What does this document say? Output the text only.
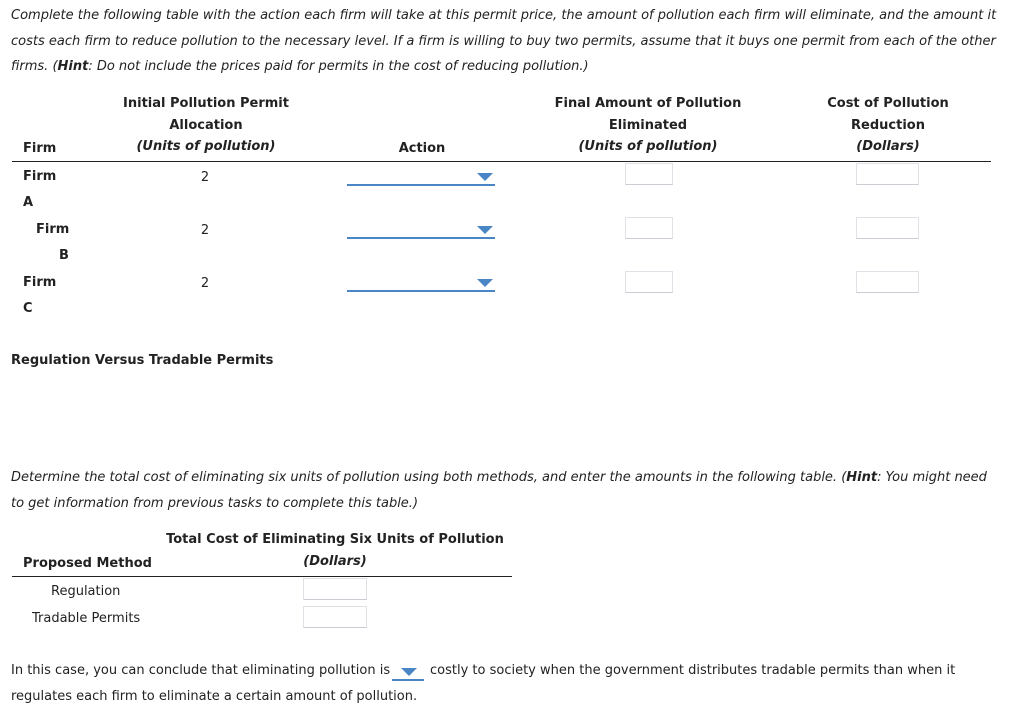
Complete the following table with the action each firm will take at this permit price, the amount of pollution each firm will eliminate, and the amount it costs each firm to reduce pollution to the necessary level. If a firm is willing to buy two permits, assume that it buys one permit from each of the other firms. (Hint: Do not include the prices paid for permits in the cost of reducing pollution.)
Initial Pollution Permit
Allocation
(Units of pollution)
Firm	Action
Final Amount of Pollution
Eliminated
(Units of pollution)
Cost of Pollution
Reduction
(Dollars)
Firm
A
2
Firm
B
2
Firm
C
2
Regulation Versus Tradable Permits
Determine the total cost of eliminating six units of pollution using both methods, and enter the amounts in the following table. (Hint: You might need to get information from previous tasks to complete this table.)
Total Cost of Eliminating Six Units of Pollution
(Dollars)
Proposed Method
Regulation
Tradable Permits
In this case, you can conclude that eliminating pollution is	costly to society when the government distributes tradable permits than when it
regulates each firm to eliminate a certain amount of pollution.
